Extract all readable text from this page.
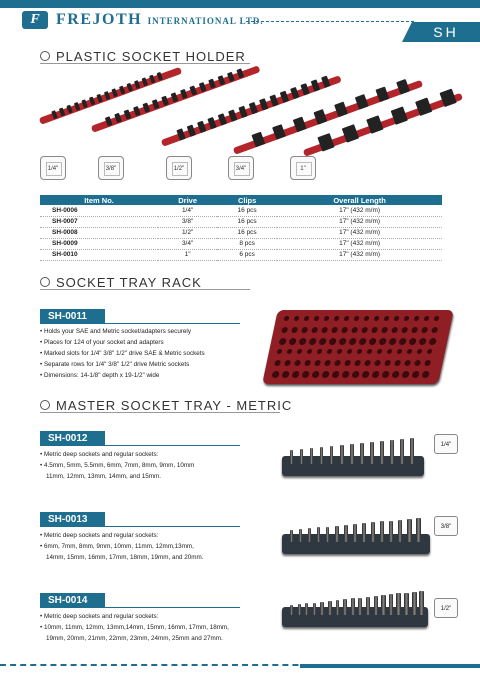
F	FREJOTH INTERNATIONAL LTD.
SH
PLASTIC SOCKET HOLDER
1/4"	3/8"	1/2"	3/4"	1"
Item No.	Drive	Clips	Overall Length
SH-0006	1/4"	16 pcs	17" (432 m/m)
SH-0007	3/8"	16 pcs	17" (432 m/m)
SH-0008	1/2"	16 pcs	17" (432 m/m)
SH-0009	3/4"	8 pcs	17" (432 m/m)
SH-0010	1"	6 pcs	17" (432 m/m)
SOCKET TRAY RACK
SH-0011
• Holds your SAE and Metric socket/adapters securely
• Places for 124 of your socket and adapters
• Marked slots for 1/4" 3/8" 1/2" drive SAE & Metric sockets
• Separate rows for 1/4" 3/8" 1/2" drive Metric sockets
• Dimensions: 14-1/8" depth x 19-1/2" wide
MASTER SOCKET TRAY - METRIC
SH-0012

• Metric deep sockets and regular sockets:
• 4.5mm, 5mm, 5.5mm, 6mm, 7mm, 8mm, 9mm, 10mm
11mm, 12mm, 13mm, 14mm, and 15mm.

1/4"
SH-0013

• Metric deep sockets and regular sockets:
• 6mm, 7mm, 8mm, 9mm, 10mm, 11mm, 12mm,13mm,
14mm, 15mm, 16mm, 17mm, 18mm, 19mm, and 20mm.

3/8"
SH-0014

• Metric deep sockets and regular sockets:
• 10mm, 11mm, 12mm, 13mm,14mm, 15mm, 16mm, 17mm, 18mm,
19mm, 20mm, 21mm, 22mm, 23mm, 24mm, 25mm and 27mm.

1/2"
